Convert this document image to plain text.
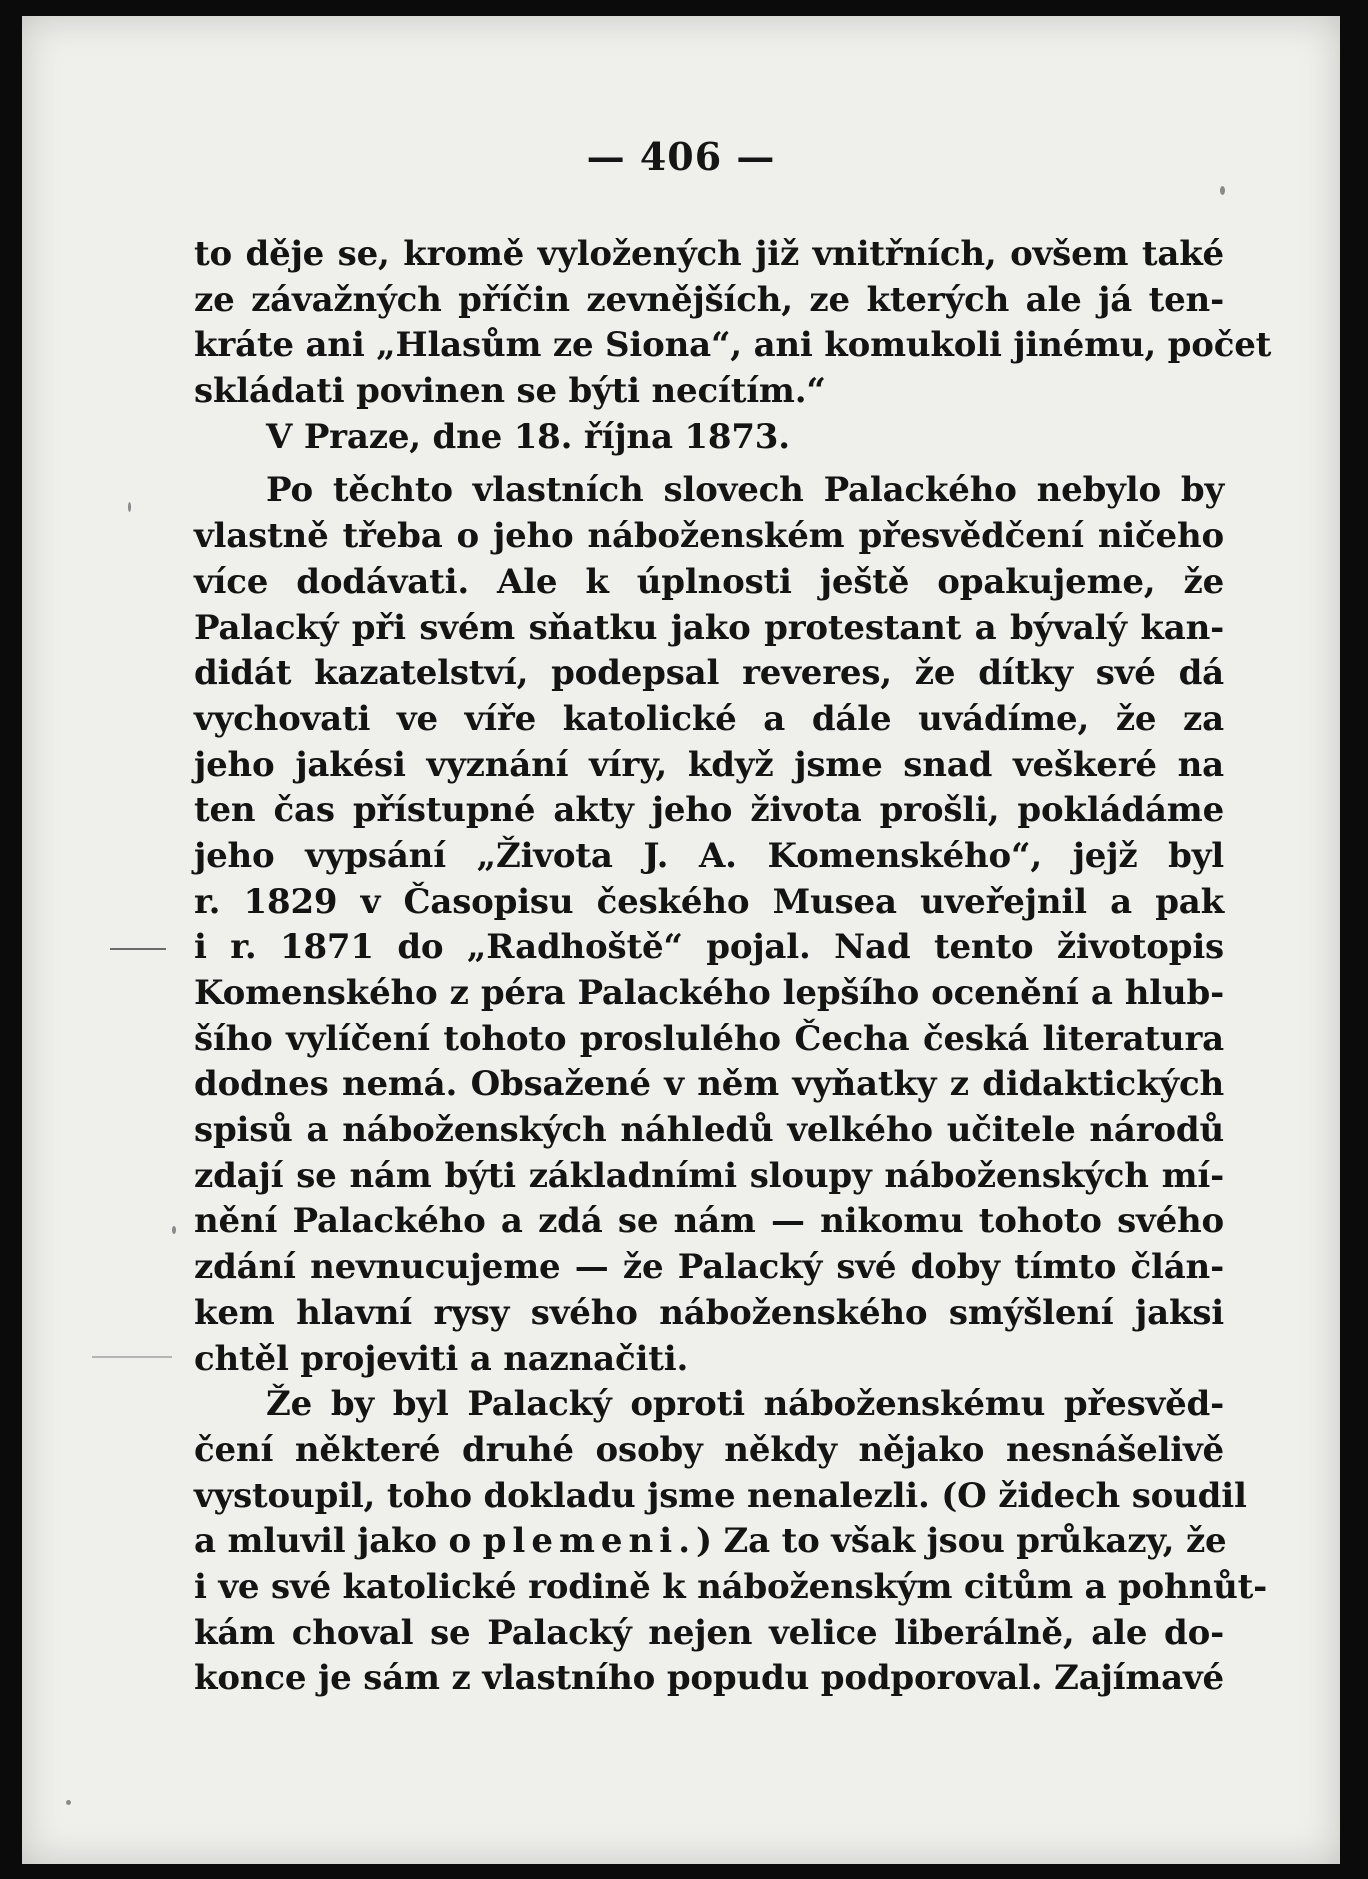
— 406 —
to děje se, kromě vyložených již vnitřních, ovšem také
ze závažných příčin zevnějších, ze kterých ale já ten-
kráte ani „Hlasům ze Siona“, ani komukoli jinému, počet
skládati povinen se býti necítím.“
V Praze, dne 18. října 1873.
Po těchto vlastních slovech Palackého nebylo by
vlastně třeba o jeho náboženském přesvědčení ničeho
více dodávati. Ale k úplnosti ještě opakujeme, že
Palacký při svém sňatku jako protestant a bývalý kan-
didát kazatelství, podepsal reveres, že dítky své dá
vychovati ve víře katolické a dále uvádíme, že za
jeho jakési vyznání víry, když jsme snad veškeré na
ten čas přístupné akty jeho života prošli, pokládáme
jeho vypsání „Života J. A. Komenského“, jejž byl
r. 1829 v Časopisu českého Musea uveřejnil a pak
i r. 1871 do „Radhoště“ pojal. Nad tento životopis
Komenského z péra Palackého lepšího ocenění a hlub-
šího vylíčení tohoto proslulého Čecha česká literatura
dodnes nemá. Obsažené v něm vyňatky z didaktických
spisů a náboženských náhledů velkého učitele národů
zdají se nám býti základními sloupy náboženských mí-
nění Palackého a zdá se nám — nikomu tohoto svého
zdání nevnucujeme — že Palacký své doby tímto člán-
kem hlavní rysy svého náboženského smýšlení jaksi
chtěl projeviti a naznačiti.
Že by byl Palacký oproti náboženskému přesvěd-
čení některé druhé osoby někdy nějako nesnášelivě
vystoupil, toho dokladu jsme nenalezli. (O židech soudil
a mluvil jako o plemeni.) Za to však jsou průkazy, že
i ve své katolické rodině k náboženským citům a pohnůt-
kám choval se Palacký nejen velice liberálně, ale do-
konce je sám z vlastního popudu podporoval. Zajímavé
